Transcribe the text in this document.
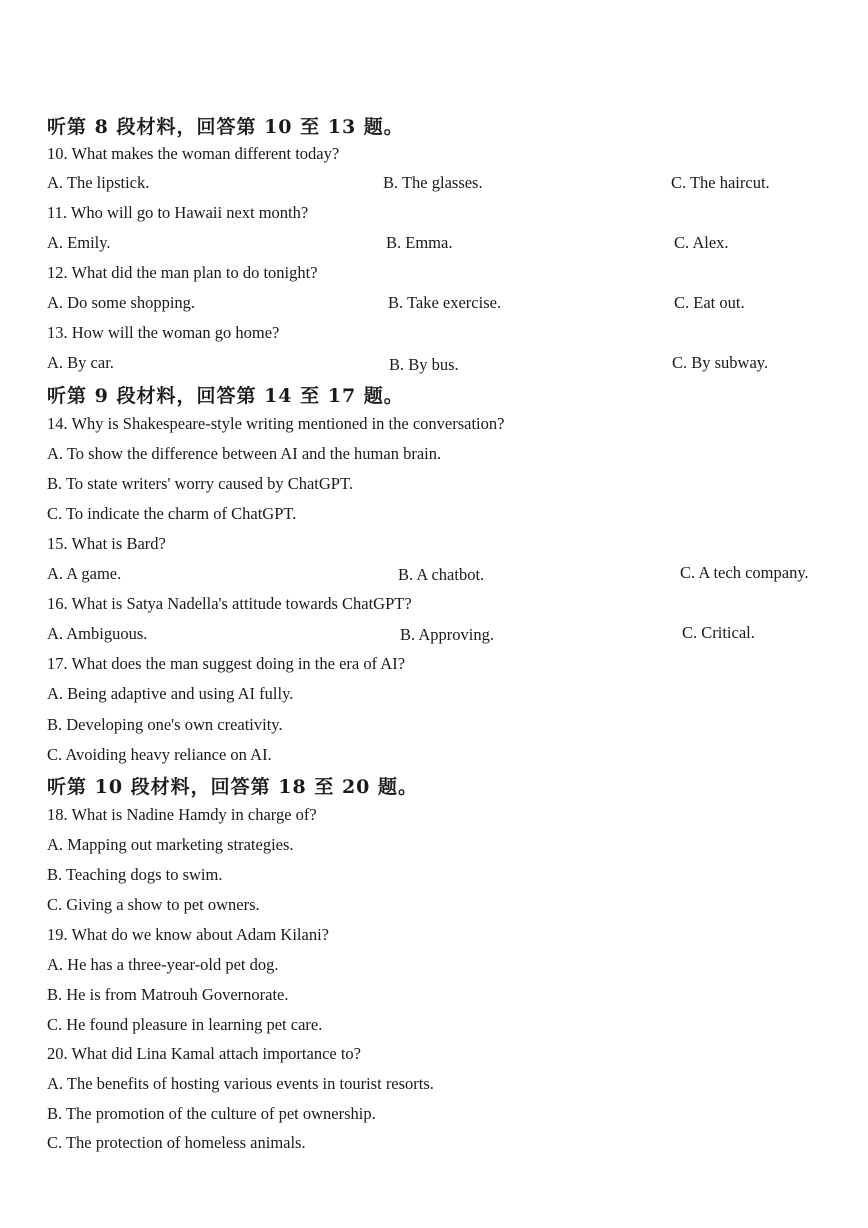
听第 8 段材料，回答第 10 至 13 题。
10. What makes the woman different today?
A. The lipstick.	B. The glasses.	C. The haircut.
11. Who will go to Hawaii next month?
A. Emily.	B. Emma.	C. Alex.
12. What did the man plan to do tonight?
A. Do some shopping.	B. Take exercise.	C. Eat out.
13. How will the woman go home?
A. By car.	B. By bus.	C. By subway.
听第 9 段材料，回答第 14 至 17 题。
14. Why is Shakespeare-style writing mentioned in the conversation?
A. To show the difference between AI and the human brain.
B. To state writers' worry caused by ChatGPT.
C. To indicate the charm of ChatGPT.
15. What is Bard?
A. A game.	B. A chatbot.	C. A tech company.
16. What is Satya Nadella's attitude towards ChatGPT?
A. Ambiguous.	B. Approving.	C. Critical.
17. What does the man suggest doing in the era of AI?
A. Being adaptive and using AI fully.
B. Developing one's own creativity.
C. Avoiding heavy reliance on AI.
听第 10 段材料，回答第 18 至 20 题。
18. What is Nadine Hamdy in charge of?
A. Mapping out marketing strategies.
B. Teaching dogs to swim.
C. Giving a show to pet owners.
19. What do we know about Adam Kilani?
A. He has a three-year-old pet dog.
B. He is from Matrouh Governorate.
C. He found pleasure in learning pet care.
20. What did Lina Kamal attach importance to?
A. The benefits of hosting various events in tourist resorts.
B. The promotion of the culture of pet ownership.
C. The protection of homeless animals.
